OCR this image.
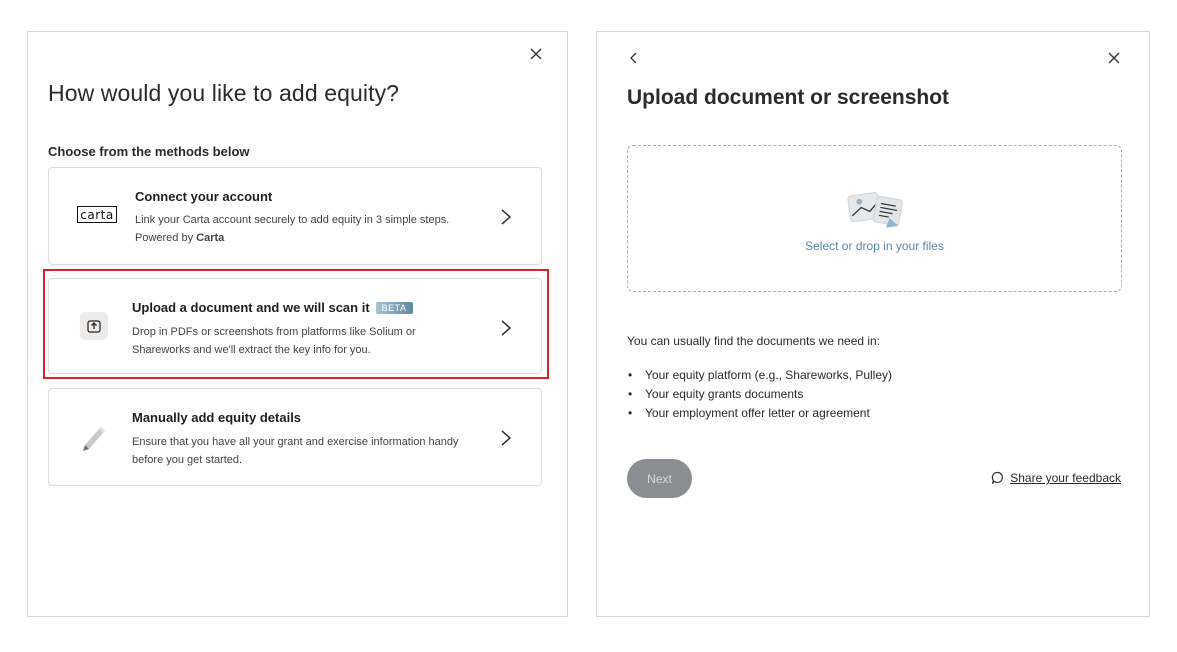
How would you like to add equity?
Choose from the methods below
carta
Connect your account
Link your Carta account securely to add equity in 3 simple steps.
Powered by Carta
Upload a document and we will scan it BETA
Drop in PDFs or screenshots from platforms like Solium or
Shareworks and we'll extract the key info for you.
Manually add equity details
Ensure that you have all your grant and exercise information handy
before you get started.
Upload document or screenshot
Select or drop in your files
You can usually find the documents we need in:
• Your equity platform (e.g., Shareworks, Pulley)
• Your equity grants documents
• Your employment offer letter or agreement
Next	Share your feedback
